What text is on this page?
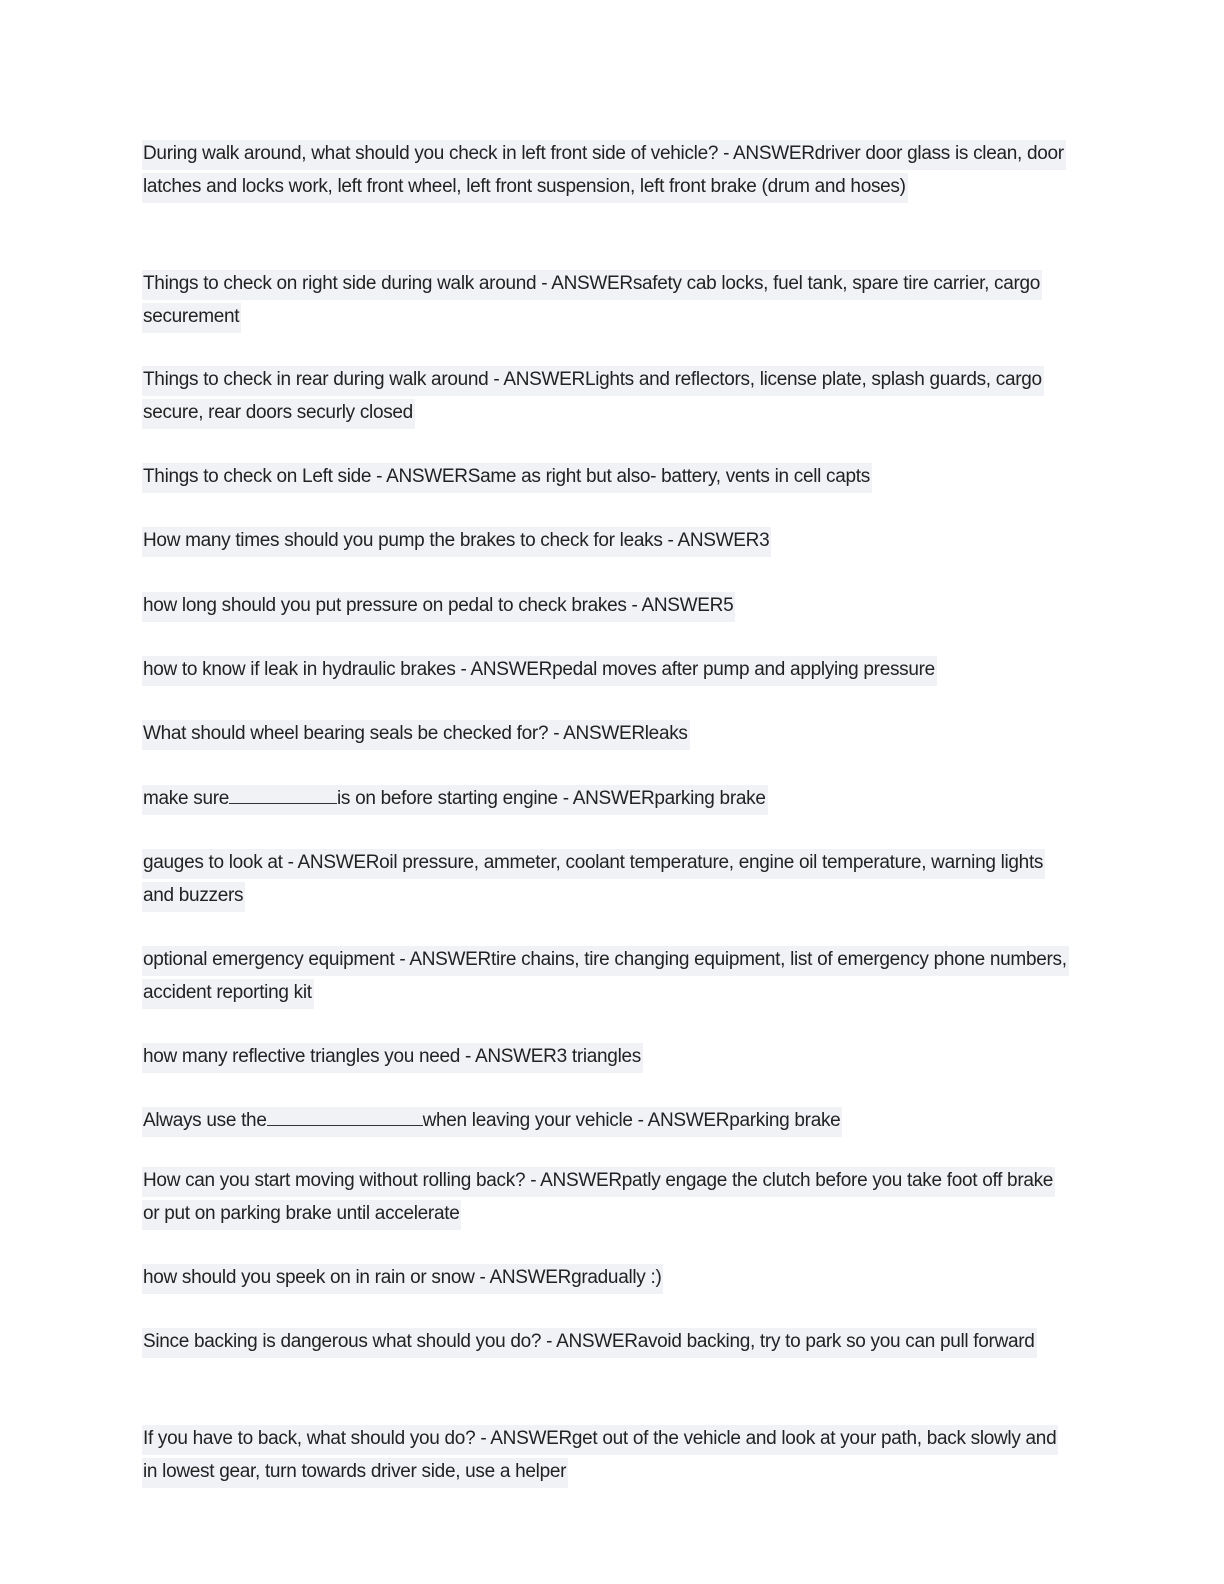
During walk around, what should you check in left front side of vehicle? - ANSWERdriver door glass is clean, door latches and locks work, left front wheel, left front suspension, left front brake (drum and hoses)
Things to check on right side during walk around - ANSWERsafety cab locks, fuel tank, spare tire carrier, cargo securement
Things to check in rear during walk around - ANSWERLights and reflectors, license plate, splash guards, cargo secure, rear doors securly closed
Things to check on Left side - ANSWERSame as right but also- battery, vents in cell capts
How many times should you pump the brakes to check for leaks - ANSWER3
how long should you put pressure on pedal to check brakes - ANSWER5
how to know if leak in hydraulic brakes - ANSWERpedal moves after pump and applying pressure
What should wheel bearing seals be checked for? - ANSWERleaks
make sure	is on before starting engine - ANSWERparking brake
gauges to look at - ANSWERoil pressure, ammeter, coolant temperature, engine oil temperature, warning lights and buzzers
optional emergency equipment - ANSWERtire chains, tire changing equipment, list of emergency phone numbers, accident reporting kit
how many reflective triangles you need - ANSWER3 triangles
Always use the	when leaving your vehicle - ANSWERparking brake
How can you start moving without rolling back? - ANSWERpatly engage the clutch before you take foot off brake or put on parking brake until accelerate
how should you speek on in rain or snow - ANSWERgradually :)
Since backing is dangerous what should you do? - ANSWERavoid backing, try to park so you can pull forward
If you have to back, what should you do? - ANSWERget out of the vehicle and look at your path, back slowly and in lowest gear, turn towards driver side, use a helper
